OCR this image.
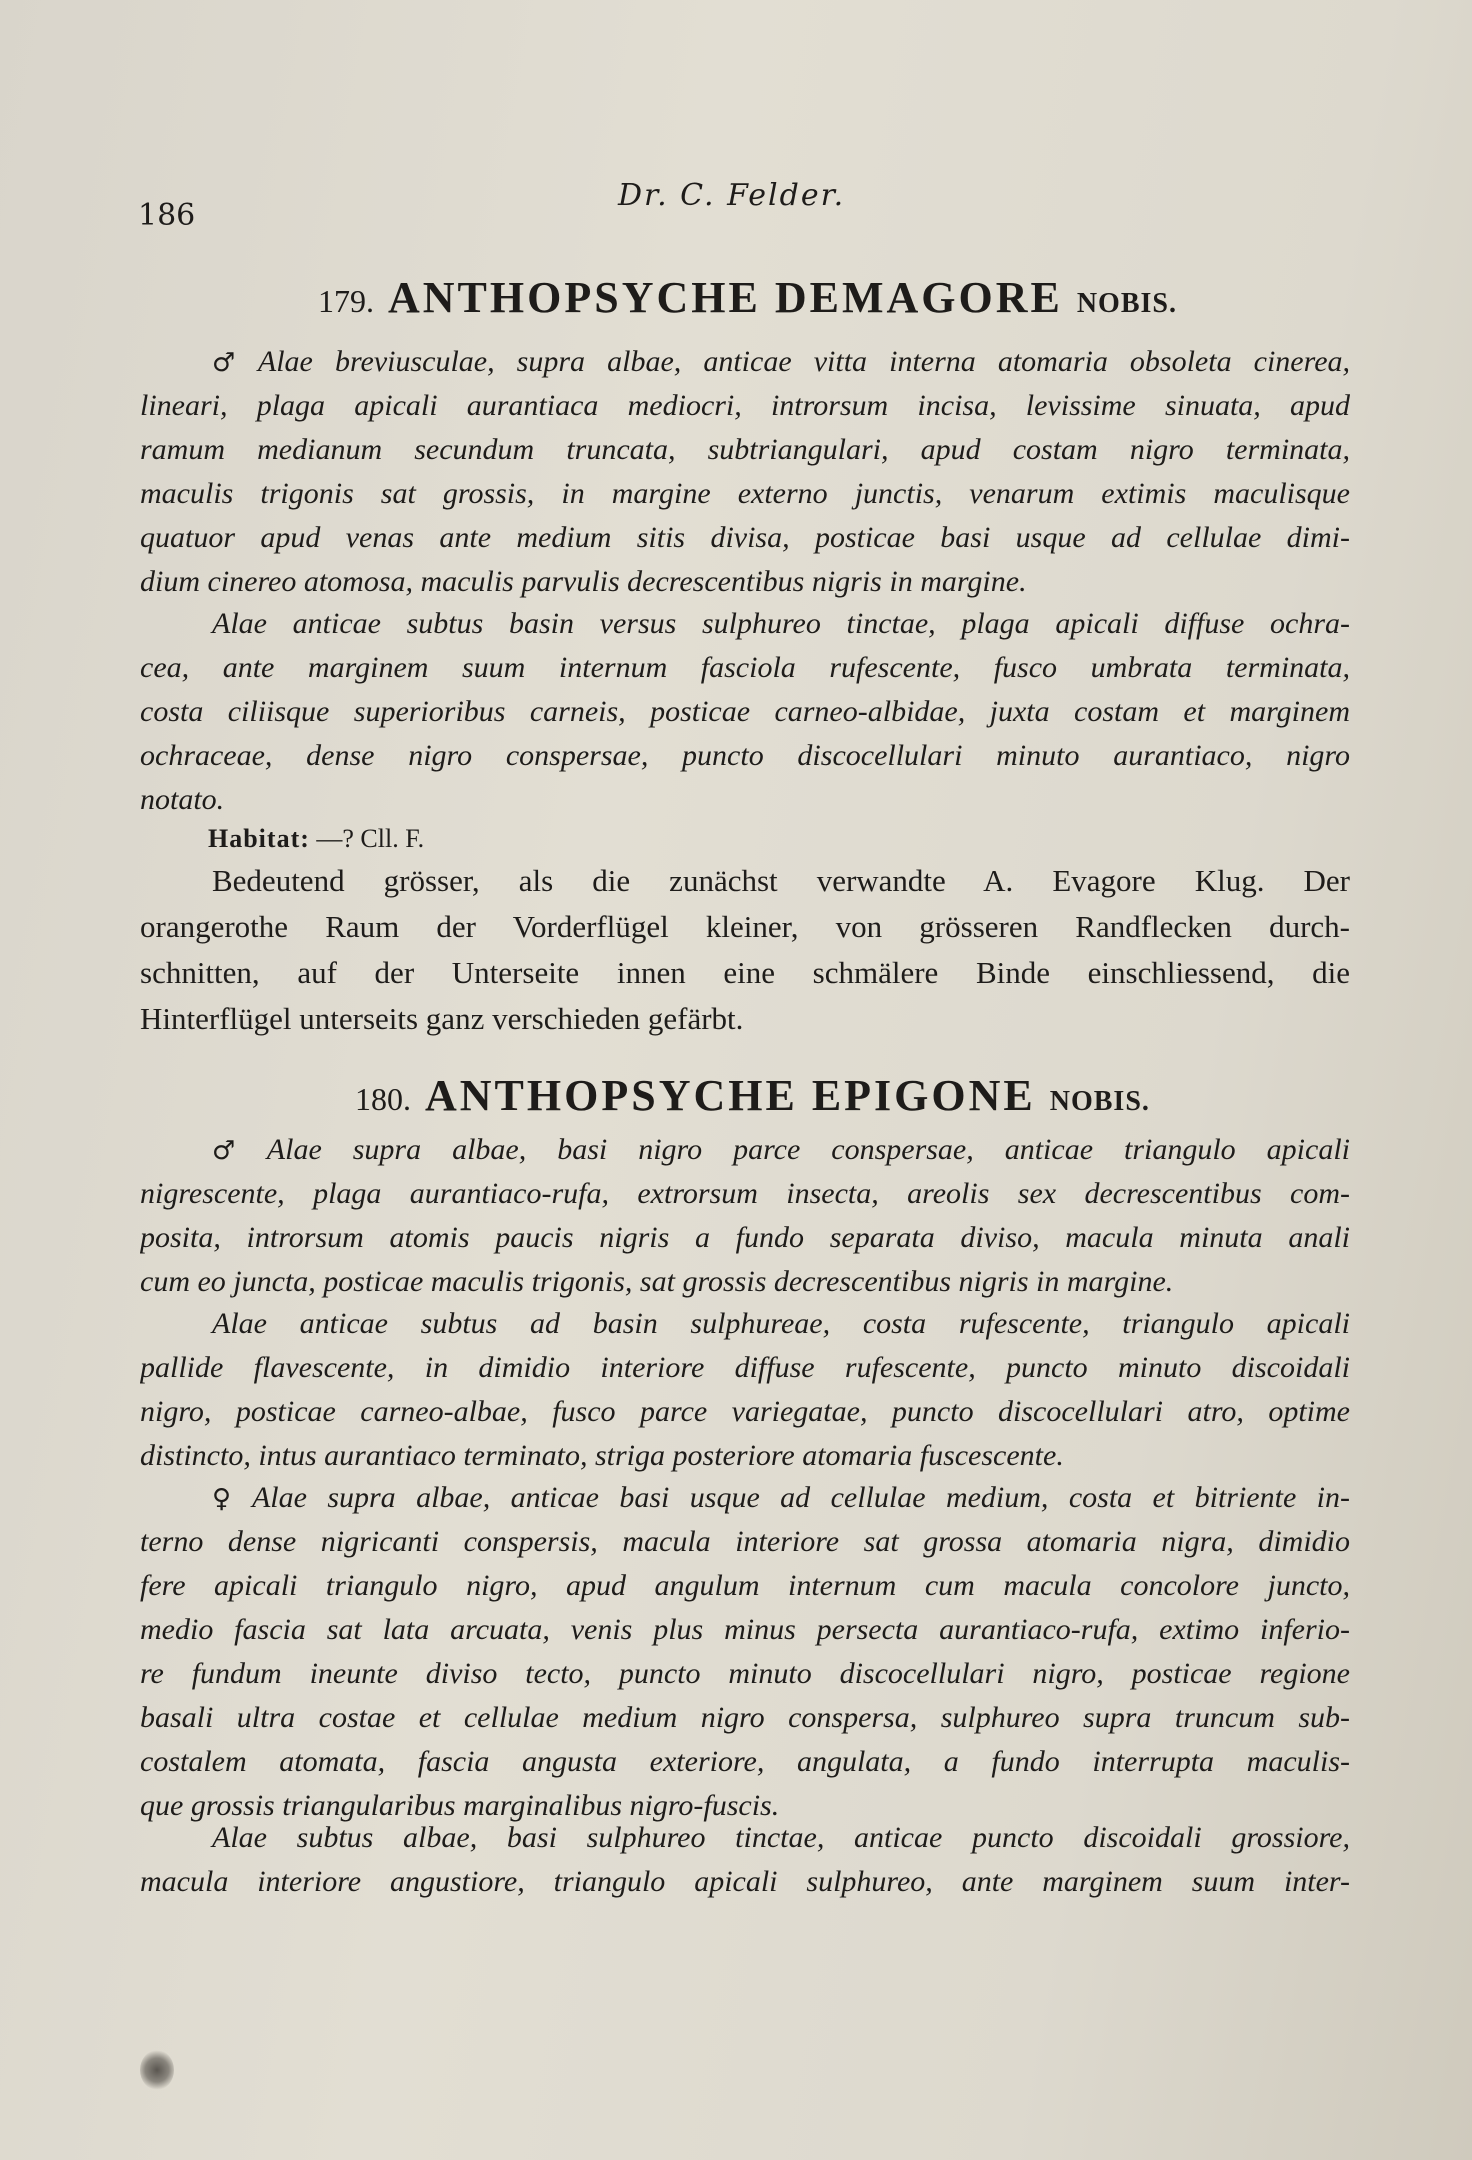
186
Dr. C. Felder.
179. ANTHOPSYCHE DEMAGORE NOBIS.
♂ Alae breviusculae, supra albae, anticae vitta interna atomaria obsoleta cinerea,
lineari, plaga apicali aurantiaca mediocri, introrsum incisa, levissime sinuata, apud
ramum medianum secundum truncata, subtriangulari, apud costam nigro terminata,
maculis trigonis sat grossis, in margine externo junctis, venarum extimis maculisque
quatuor apud venas ante medium sitis divisa, posticae basi usque ad cellulae dimi-
dium cinereo atomosa, maculis parvulis decrescentibus nigris in margine.
Alae anticae subtus basin versus sulphureo tinctae, plaga apicali diffuse ochra-
cea, ante marginem suum internum fasciola rufescente, fusco umbrata terminata,
costa ciliisque superioribus carneis, posticae carneo-albidae, juxta costam et marginem
ochraceae, dense nigro conspersae, puncto discocellulari minuto aurantiaco, nigro
notato.
Habitat: —? Cll. F.
Bedeutend grösser, als die zunächst verwandte A. Evagore Klug. Der
orangerothe Raum der Vorderflügel kleiner, von grösseren Randflecken durch-
schnitten, auf der Unterseite innen eine schmälere Binde einschliessend, die
Hinterflügel unterseits ganz verschieden gefärbt.
180. ANTHOPSYCHE EPIGONE NOBIS.
♂ Alae supra albae, basi nigro parce conspersae, anticae triangulo apicali
nigrescente, plaga aurantiaco-rufa, extrorsum insecta, areolis sex decrescentibus com-
posita, introrsum atomis paucis nigris a fundo separata diviso, macula minuta anali
cum eo juncta, posticae maculis trigonis, sat grossis decrescentibus nigris in margine.
Alae anticae subtus ad basin sulphureae, costa rufescente, triangulo apicali
pallide flavescente, in dimidio interiore diffuse rufescente, puncto minuto discoidali
nigro, posticae carneo-albae, fusco parce variegatae, puncto discocellulari atro, optime
distincto, intus aurantiaco terminato, striga posteriore atomaria fuscescente.
♀ Alae supra albae, anticae basi usque ad cellulae medium, costa et bitriente in-
terno dense nigricanti conspersis, macula interiore sat grossa atomaria nigra, dimidio
fere apicali triangulo nigro, apud angulum internum cum macula concolore juncto,
medio fascia sat lata arcuata, venis plus minus persecta aurantiaco-rufa, extimo inferio-
re fundum ineunte diviso tecto, puncto minuto discocellulari nigro, posticae regione
basali ultra costae et cellulae medium nigro conspersa, sulphureo supra truncum sub-
costalem atomata, fascia angusta exteriore, angulata, a fundo interrupta maculis-
que grossis triangularibus marginalibus nigro-fuscis.
Alae subtus albae, basi sulphureo tinctae, anticae puncto discoidali grossiore,
macula interiore angustiore, triangulo apicali sulphureo, ante marginem suum inter-
